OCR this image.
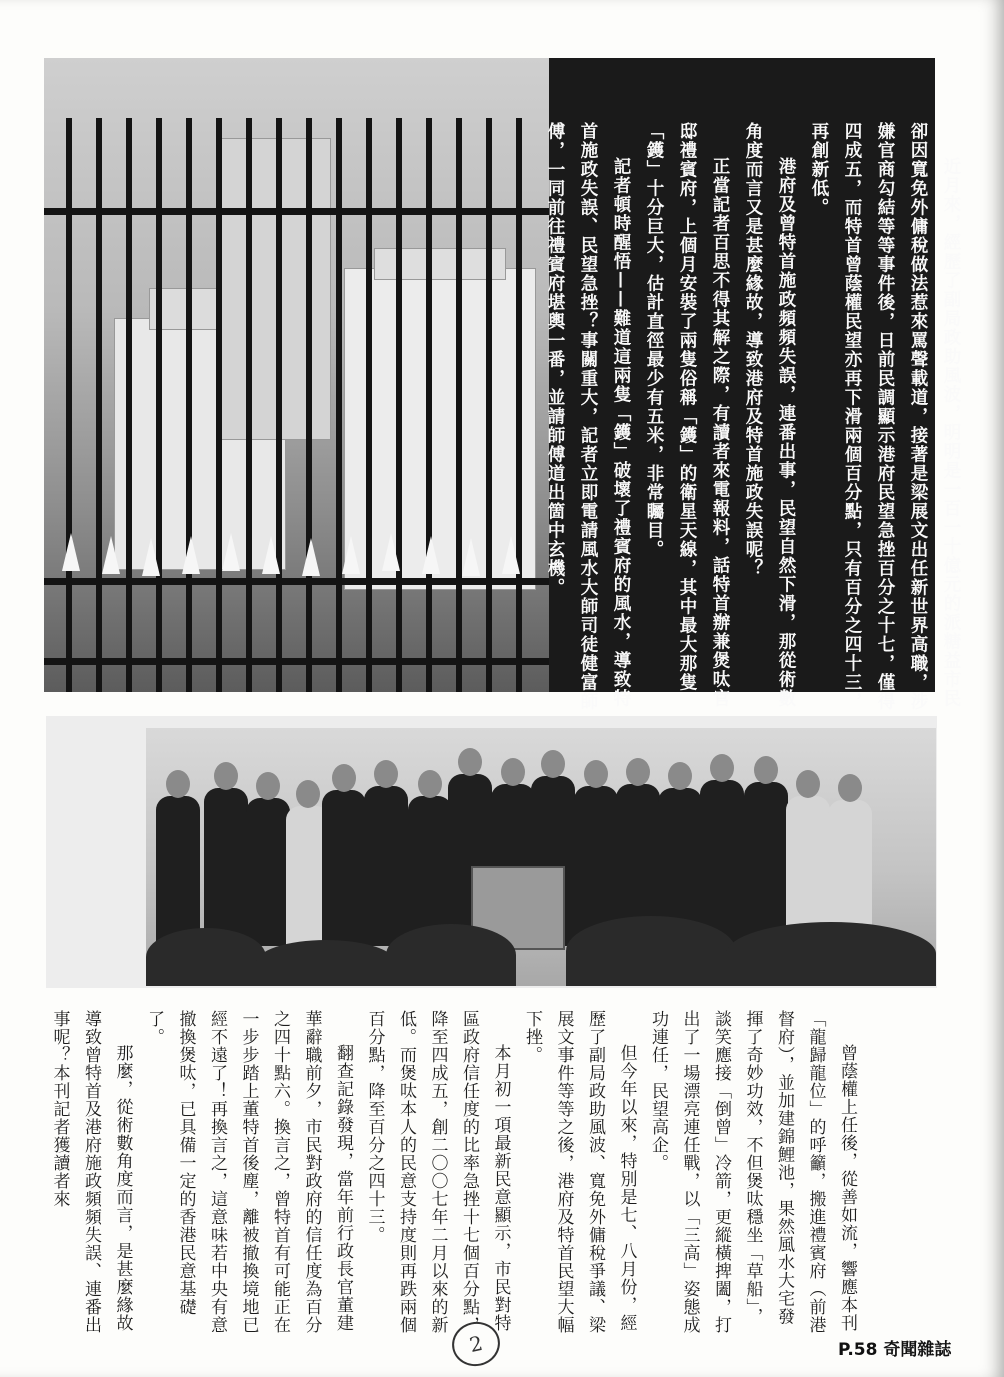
近月來，經歷了副局政助風波，明明是一百一十億元的派糖益市民卻因寬免外傭稅做法惹來罵聲載道，接著是梁展文出任新世界高職，涉嫌官商勾結等等事件後，日前民調顯示港府民望急挫百分之十七，僅得四成五，而特首曾蔭權民望亦再下滑兩個百分點，只有百分之四十三，再創新低。

港府及曾特首施政頻頻失誤，連番出事，民望自然下滑，那從術數角度而言又是甚麼緣故，導致港府及特首施政失誤呢？

正當記者百思不得其解之際，有讀者來電報料，話特首辦兼煲呔官邸禮賓府，上個月安裝了兩隻俗稱「鑊」的衛星天線，其中最大那隻「鑊」十分巨大，估計直徑最少有五米，非常矚目。

記者頓時醒悟——難道這兩隻「鑊」破壞了禮賓府的風水，導致特首施政失誤、民望急挫？事關重大，記者立即電請風水大師司徒健富師傅，一同前往禮賓府堪輿一番，並請師傅道出箇中玄機。

曾蔭權上任後，從善如流，響應本刊「龍歸龍位」的呼籲，搬進禮賓府（前港督府），並加建錦鯉池，果然風水大宅發揮了奇妙功效，不但煲呔穩坐「草船」，談笑應接「倒曾」冷箭，更縱橫捭闔，打出了一場漂亮連任戰，以「三高」姿態成功連任，民望高企。

但今年以來，特別是七、八月份，經歷了副局政助風波、寬免外傭稅爭議、梁展文事件等等之後，港府及特首民望大幅下挫。

本月初一項最新民意顯示，市民對特區政府信任度的比率急挫十七個百分點，降至四成五，創二〇〇七年二月以來的新低。而煲呔本人的民意支持度則再跌兩個百分點，降至百分之四十三。

翻查記錄發現，當年前行政長官董建華辭職前夕，市民對政府的信任度為百分之四十點六。換言之，曾特首有可能正在一步步踏上董特首後塵，離被撤換境地已經不遠了！再換言之，這意味若中央有意撤換煲呔，已具備一定的香港民意基礎了。

那麼，從術數角度而言，是甚麼緣故導致曾特首及港府施政頻頻失誤、連番出事呢？本刊記者獲讀者來

2	P.58 奇聞雜誌
